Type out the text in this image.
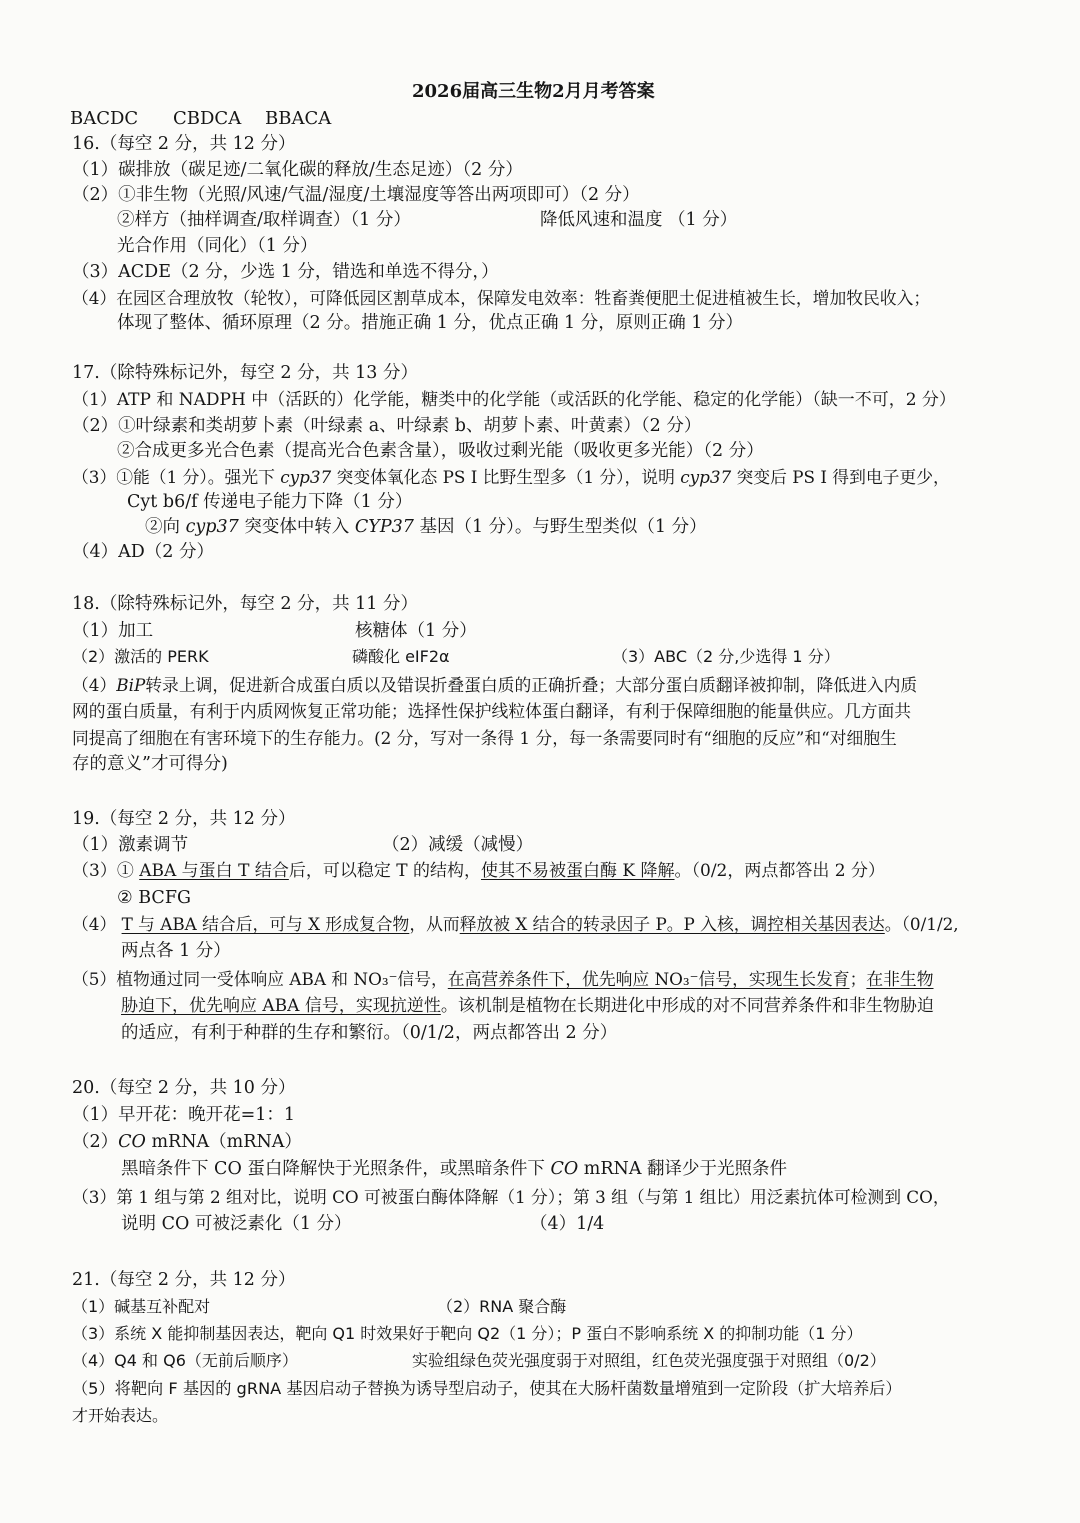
2026届高三生物2月月考答案
BACDC CBDCA BBACA
16.（每空 2 分，共 12 分）
（1）碳排放（碳足迹/二氧化碳的释放/生态足迹）（2 分）
（2）①非生物（光照/风速/气温/湿度/土壤湿度等答出两项即可）（2 分）
②样方（抽样调查/取样调查）（1 分）	降低风速和温度 （1 分）
光合作用（同化）（1 分）
（3）ACDE（2 分，少选 1 分，错选和单选不得分，）
（4）在园区合理放牧（轮牧），可降低园区割草成本，保障发电效率：牲畜粪便肥土促进植被生长，增加牧民收入；
体现了整体、循环原理（2 分。措施正确 1 分，优点正确 1 分，原则正确 1 分）
17.（除特殊标记外，每空 2 分，共 13 分）
（1）ATP 和 NADPH 中（活跃的）化学能，糖类中的化学能（或活跃的化学能、稳定的化学能）（缺一不可，2 分）
（2）①叶绿素和类胡萝卜素（叶绿素 a、叶绿素 b、胡萝卜素、叶黄素）（2 分）
②合成更多光合色素（提高光合色素含量），吸收过剩光能（吸收更多光能）（2 分）
（3）①能（1 分）。强光下 cyp37 突变体氧化态 PS Ⅰ 比野生型多（1 分），说明 cyp37 突变后 PS Ⅰ 得到电子更少，
Cyt b6/f 传递电子能力下降（1 分）
②向 cyp37 突变体中转入 CYP37 基因（1 分）。与野生型类似（1 分）
（4）AD（2 分）
18.（除特殊标记外，每空 2 分，共 11 分）
（1）加工	核糖体（1 分）
（2）激活的 PERK	磷酸化 eIF2α	（3）ABC（2 分,少选得 1 分）
（4）BiP转录上调，促进新合成蛋白质以及错误折叠蛋白质的正确折叠；大部分蛋白质翻译被抑制，降低进入内质
网的蛋白质量，有利于内质网恢复正常功能；选择性保护线粒体蛋白翻译，有利于保障细胞的能量供应。几方面共
同提高了细胞在有害环境下的生存能力。(2 分，写对一条得 1 分，每一条需要同时有“细胞的反应”和“对细胞生
存的意义”才可得分)
19.（每空 2 分，共 12 分）
（1）激素调节	（2）减缓（减慢）
（3）① ABA 与蛋白 T 结合后，可以稳定 T 的结构，使其不易被蛋白酶 K 降解。（0/2，两点都答出 2 分）
② BCFG
（4） T 与 ABA 结合后，可与 X 形成复合物，从而释放被 X 结合的转录因子 P。P 入核，调控相关基因表达。（0/1/2,
两点各 1 分）
（5）植物通过同一受体响应 ABA 和 NO₃⁻信号，在高营养条件下，优先响应 NO₃⁻信号，实现生长发育；在非生物
胁迫下，优先响应 ABA 信号，实现抗逆性。该机制是植物在长期进化中形成的对不同营养条件和非生物胁迫
的适应，有利于种群的生存和繁衍。（0/1/2，两点都答出 2 分）
20.（每空 2 分，共 10 分）
（1）早开花：晚开花=1：1
（2）CO mRNA（mRNA）
黑暗条件下 CO 蛋白降解快于光照条件，或黑暗条件下 CO mRNA 翻译少于光照条件
（3）第 1 组与第 2 组对比，说明 CO 可被蛋白酶体降解（1 分）；第 3 组（与第 1 组比）用泛素抗体可检测到 CO，
说明 CO 可被泛素化（1 分）	（4）1/4
21.（每空 2 分，共 12 分）
（1）碱基互补配对	（2）RNA 聚合酶
（3）系统 X 能抑制基因表达，靶向 Q1 时效果好于靶向 Q2（1 分）；P 蛋白不影响系统 X 的抑制功能（1 分）
（4）Q4 和 Q6（无前后顺序）	实验组绿色荧光强度弱于对照组，红色荧光强度强于对照组（0/2）
（5）将靶向 F 基因的 gRNA 基因启动子替换为诱导型启动子，使其在大肠杆菌数量增殖到一定阶段（扩大培养后）
才开始表达。
